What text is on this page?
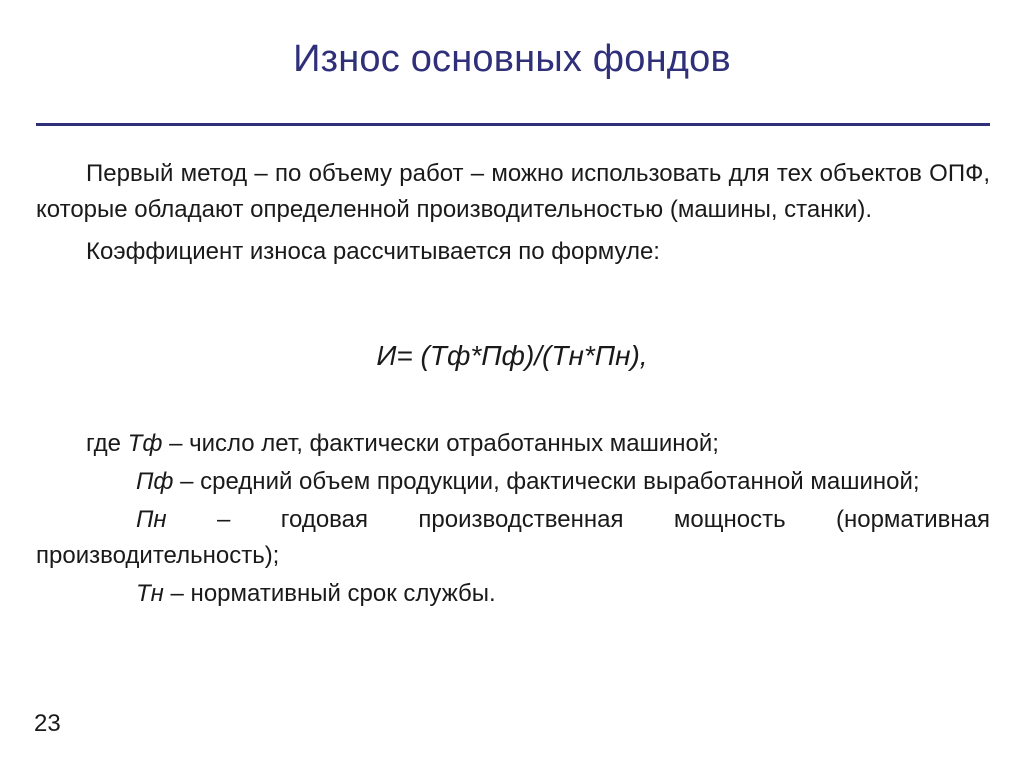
Износ основных фондов

Первый метод – по объему работ – можно использовать для тех объектов ОПФ, которые обладают определенной производительностью (машины, станки).

Коэффициент износа рассчитывается по формуле:

И= (Тф*Пф)/(Тн*Пн),

где Тф – число лет, фактически отработанных машиной;

Пф – средний объем продукции, фактически выработанной машиной;

Пн – годовая производственная мощность (нормативная производительность);

Тн – нормативный срок службы.

23
